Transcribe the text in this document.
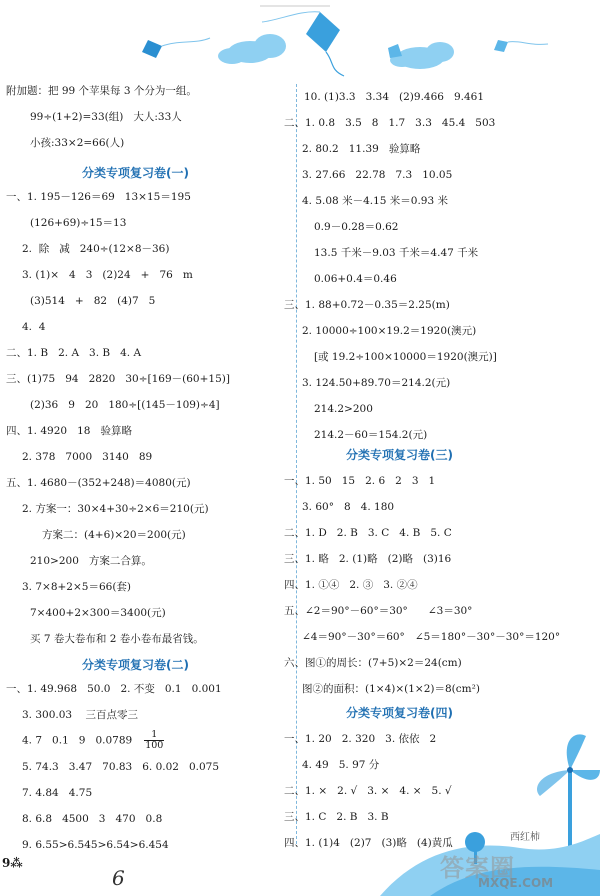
附加题：把 99 个苹果每 3 个分为一组。
99÷(1+2)=33(组)   大人:33人
小孩:33×2=66(人)
分类专项复习卷(一)
一、1. 195－126＝69   13×15＝195
(126+69)÷15＝13
2.  除   减   240÷(12×8－36)
3. (1)×   4   3   (2)24   +   76   m
(3)514   +   82   (4)7   5
4.  4
二、1. B   2. A   3. B   4. A
三、(1)75   94   2820   30÷[169－(60+15)]
(2)36   9   20   180÷[(145－109)÷4]
四、1. 4920   18   验算略
2. 378   7000   3140   89
五、1. 4680－(352+248)＝4080(元)
2. 方案一：30×4+30÷2×6＝210(元)
方案二：(4+6)×20＝200(元)
210>200   方案二合算。
3. 7×8+2×5＝66(套)
7×400+2×300＝3400(元)
买 7 卷大卷布和 2 卷小卷布最省钱。
分类专项复习卷(二)
一、1. 49.968   50.0   2. 不变   0.1   0.001
3. 300.03    三百点零三
4. 7   0.1   9   $0.0789 \frac{1}{100}$
5. 74.3   3.47   70.83   6. 0.02   0.075
7. 4.84   4.75
8. 6.8   4500   3   470   0.8
9. 6.55>6.545>6.54>6.454
10. (1)3.3   3.34   (2)9.466   9.461
二、1. 0.8   3.5   8   1.7   3.3   45.4   503
2. 80.2   11.39   验算略
3. 27.66   22.78   7.3   10.05
4. 5.08 米－4.15 米＝0.93 米
0.9－0.28＝0.62
13.5 千米－9.03 千米＝4.47 千米
0.06+0.4＝0.46
三、1. 88+0.72－0.35＝2.25(m)
2. 10000÷100×19.2＝1920(澳元)
[或 19.2÷100×10000＝1920(澳元)]
3. 124.50+89.70＝214.2(元)
214.2>200
214.2－60＝154.2(元)
分类专项复习卷(三)
一、1. 50   15   2. 6   2   3   1
3. 60°   8   4. 180
二、1. D   2. B   3. C   4. B   5. C
三、1. 略   2. (1)略   (2)略   (3)16
四、1. ①④   2. ③   3. ②④
五、∠2＝90°－60°＝30°      ∠3＝30°
∠4＝90°－30°＝60°   ∠5＝180°－30°－30°＝120°
六、图①的周长：(7+5)×2＝24(cm)
图②的面积：(1×4)×(1×2)＝8(cm²)
分类专项复习卷(四)
一、1. 20   2. 320   3. 依依   2
4. 49   5. 97 分
二、1. ×   2. √   3. ×   4. ×   5. √
三、1. C   2. B   3. B
四、1. (1)4   (2)7   (3)略   (4)黄瓜	西红柿
答案圈
MXQE.COM
9⁂
6
